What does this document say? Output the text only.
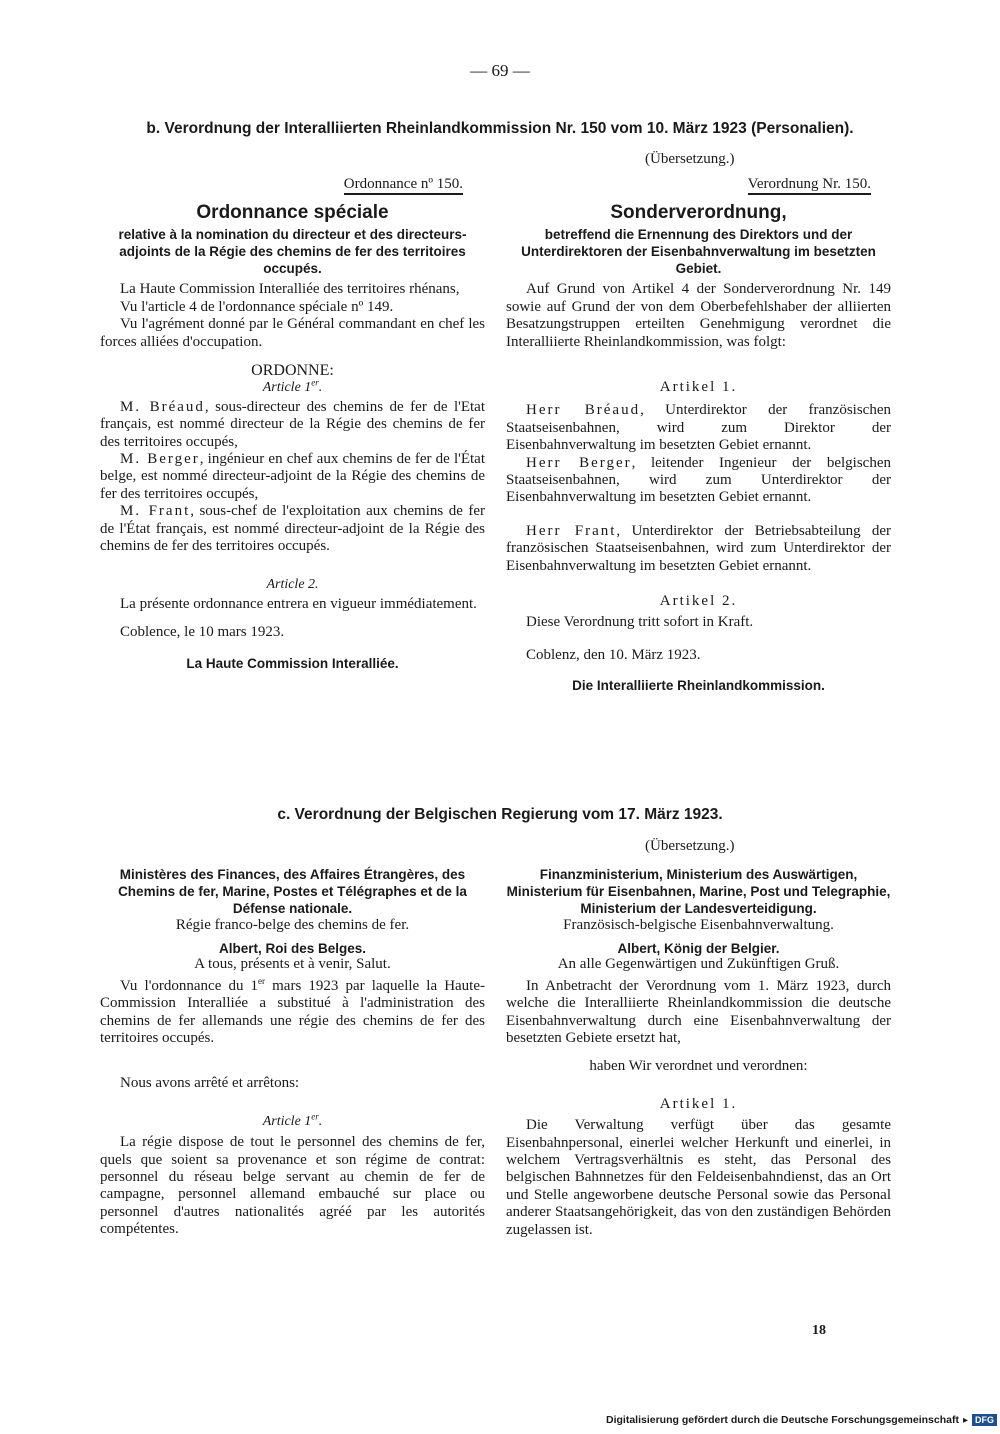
— 69 —
b. Verordnung der Interalliierten Rheinlandkommission Nr. 150 vom 10. März 1923 (Personalien).
(Übersetzung.)
Ordonnance nº 150.
Ordonnance spéciale
relative à la nomination du directeur et des directeurs-adjoints de la Régie des chemins de fer des territoires occupés.

La Haute Commission Interalliée des territoires rhénans,

Vu l'article 4 de l'ordonnance spéciale nº 149.

Vu l'agrément donné par le Général commandant en chef les forces alliées d'occupation.

ORDONNE:
Article 1er.

M. Bréaud, sous-directeur des chemins de fer de l'Etat français, est nommé directeur de la Régie des chemins de fer des territoires occupés,

M. Berger, ingénieur en chef aux chemins de fer de l'État belge, est nommé directeur-adjoint de la Régie des chemins de fer des territoires occupés,

M. Frant, sous-chef de l'exploitation aux chemins de fer de l'État français, est nommé directeur-adjoint de la Régie des chemins de fer des territoires occupés.

Article 2.

La présente ordonnance entrera en vigueur immédiatement.

Coblence, le 10 mars 1923.

La Haute Commission Interalliée.
Verordnung Nr. 150.
Sonderverordnung,
betreffend die Ernennung des Direktors und der Unterdirektoren der Eisenbahnverwaltung im besetzten Gebiet.

Auf Grund von Artikel 4 der Sonderverordnung Nr. 149 sowie auf Grund der von dem Oberbefehlshaber der alliierten Besatzungstruppen erteilten Genehmigung verordnet die Interalliierte Rheinlandkommission, was folgt:

Artikel 1.

Herr Bréaud, Unterdirektor der französischen Staatseisenbahnen, wird zum Direktor der Eisenbahnverwaltung im besetzten Gebiet ernannt.

Herr Berger, leitender Ingenieur der belgischen Staatseisenbahnen, wird zum Unterdirektor der Eisenbahnverwaltung im besetzten Gebiet ernannt.

Herr Frant, Unterdirektor der Betriebsabteilung der französischen Staatseisenbahnen, wird zum Unterdirektor der Eisenbahnverwaltung im besetzten Gebiet ernannt.

Artikel 2.

Diese Verordnung tritt sofort in Kraft.

Coblenz, den 10. März 1923.

Die Interalliierte Rheinlandkommission.
c. Verordnung der Belgischen Regierung vom 17. März 1923.
(Übersetzung.)
Ministères des Finances, des Affaires Étrangères, des Chemins de fer, Marine, Postes et Télégraphes et de la Défense nationale.
Régie franco-belge des chemins de fer.
Albert, Roi des Belges.
A tous, présents et à venir, Salut.

Vu l'ordonnance du 1er mars 1923 par laquelle la Haute-Commission Interalliée a substitué à l'administration des chemins de fer allemands une régie des chemins de fer des territoires occupés.

Nous avons arrêté et arrêtons:

Article 1er.

La régie dispose de tout le personnel des chemins de fer, quels que soient sa provenance et son régime de contrat: personnel du réseau belge servant au chemin de fer de campagne, personnel allemand embauché sur place ou personnel d'autres nationalités agréé par les autorités compétentes.

Finanzministerium, Ministerium des Auswärtigen, Ministerium für Eisenbahnen, Marine, Post und Telegraphie, Ministerium der Landesverteidigung.
Französisch-belgische Eisenbahnverwaltung.
Albert, König der Belgier.
An alle Gegenwärtigen und Zukünftigen Gruß.

In Anbetracht der Verordnung vom 1. März 1923, durch welche die Interalliierte Rheinlandkommission die deutsche Eisenbahnverwaltung durch eine Eisenbahnverwaltung der besetzten Gebiete ersetzt hat,

haben Wir verordnet und verordnen:
Artikel 1.

Die Verwaltung verfügt über das gesamte Eisenbahnpersonal, einerlei welcher Herkunft und einerlei, in welchem Vertragsverhältnis es steht, das Personal des belgischen Bahnnetzes für den Feldeisenbahndienst, das an Ort und Stelle angeworbene deutsche Personal sowie das Personal anderer Staatsangehörigkeit, das von den zuständigen Behörden zugelassen ist.

18
Digitalisierung gefördert durch die Deutsche Forschungsgemeinschaft ▸ DFG
